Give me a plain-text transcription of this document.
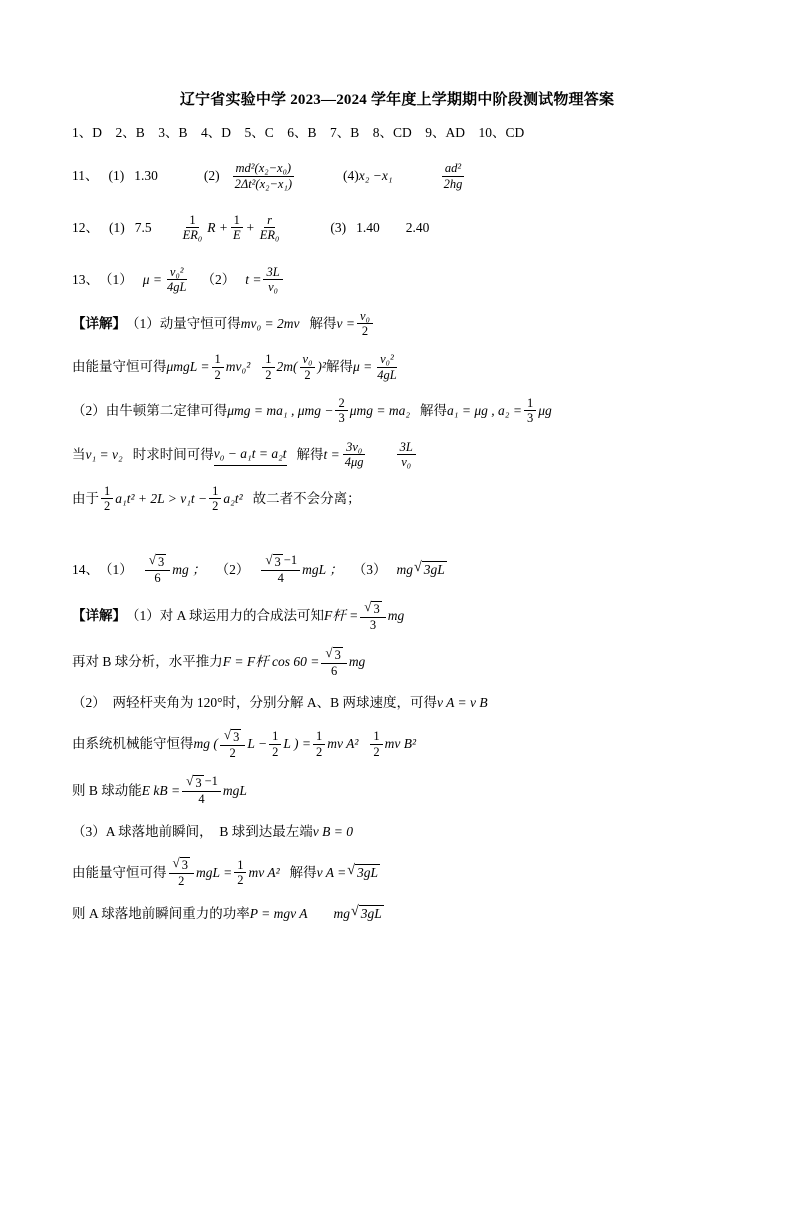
辽宁省实验中学 2023—2024 学年度上学期期中阶段测试物理答案
1、D　2、B　3、B　4、D　5、C　6、B　7、B　8、CD　9、AD　10、CD
11、 (1) 1.30	$(2) \frac{\text{md²(x₂−x₀)}}{\text{2Δt²(x₂−x₁)}}$	(4) x₂ −x₁	$\frac{\text{ad²}}{2hg}$
12、 (1) $7.5 \frac{1}{\text{ER₀}}$ $R + \frac{1}{E} + \frac{r}{\text{ER₀}}$	(3) 1.40 2.40
13、 （1） $\mu = \frac{\text{v₀²}}{4gL} (2) t = \frac{3L}{\text{v₀}}$
【详解】 （1）动量守恒可得 mv₀ = 2mv 解得 $v = \frac{\text{v₀}}{2}$
由能量守恒可得 $\mu mgL = \frac{1}{2} mv_0^2 \frac{1}{2} 2m( \frac{\text{v₀}}{2} )^2$ 解得 $\mu = \frac{\text{v₀²}}{4gL}$
（2）由牛顿第二定律可得 μmg = ma₁ , $\mu mg - \frac{2}{3}$ μmg = ma₂ 解得 a₁ = μg , $a_2 = \frac{1}{3}$ μg
当 v₁ = v₂ 时求时间可得 v₀ − a₁t = a₂t 解得 $t = \frac{\text{3v₀}}{4\mu g} \frac{3L}{\text{v₀}}$
由于 $\frac{1}{2} a_1t^2 + 2L > v_1t - \frac{1}{2} a_2t^2$ 故二者不会分离；
14、 $(1) \frac{√ 3}{6}$ mg ； $(2) \frac{√ 3 -1}{4}$ mgL ； （3） mg √ 3gL
【详解】 （1）对 A 球运用力的合成法可知 F杆 = $\frac{√ 3}{3}$ mg
再对 B 球分析，水平推力 F = F杆 $\cos 60 = \frac{√ 3}{6}$ mg
（2）　两轻杆夹角为 120°时，分别分解 A、B 两球速度，可得 v A = v B
由系统机械能守恒得 mg ( $\frac{√ 3}{2}$ $L - \frac{1}{2}$ L ) = $\frac{1}{2}$ mv $A^2 \frac{1}{2}$ mv B²
则 B 球动能 E kB = $\frac{√ 3 -1}{4}$ mgL
（3）A 球落地前瞬间，　B 球到达最左端 v B = 0
由能量守恒可得 $\frac{√ 3}{2}$ mgL = $\frac{1}{2}$ mv A² 解得 v A = √ 3gL
则 A 球落地前瞬间重力的功率 P = mgv A mg √ 3gL
